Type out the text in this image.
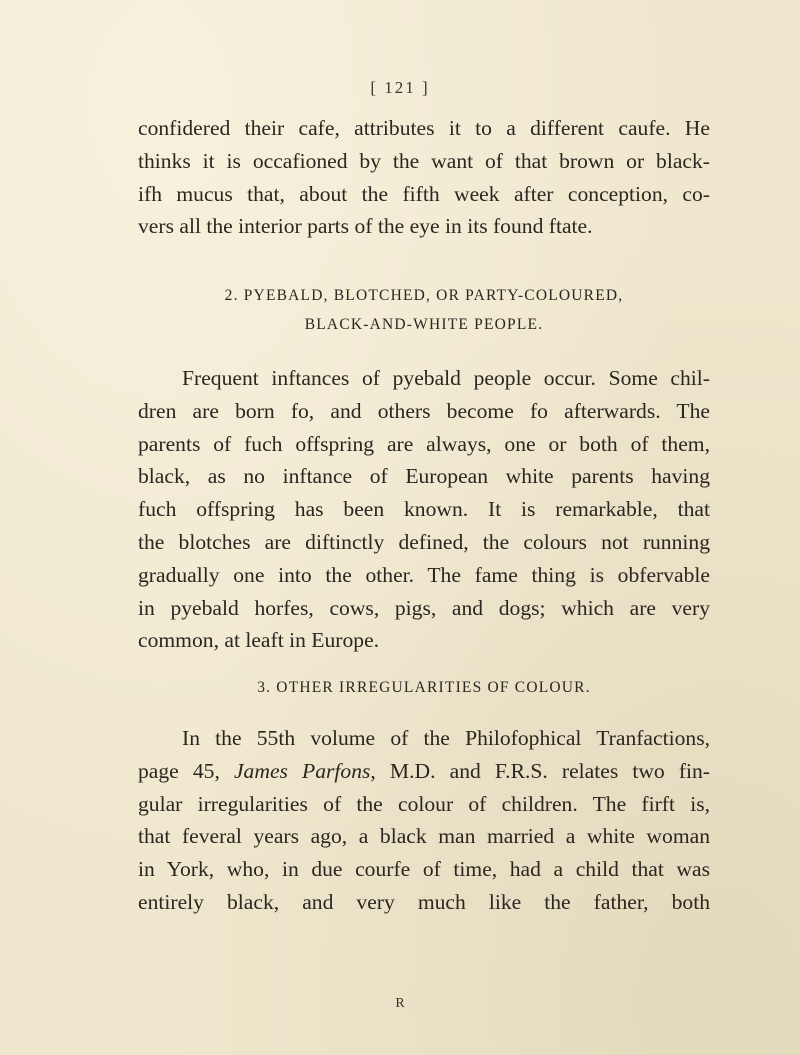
[ 121 ]
confidered their cafe, attributes it to a different caufe. He
thinks it is occafioned by the want of that brown or black-
ifh mucus that, about the fifth week after conception, co-
vers all the interior parts of the eye in its found ftate.
2. PYEBALD, BLOTCHED, OR PARTY-COLOURED,
BLACK-AND-WHITE PEOPLE.
Frequent inftances of pyebald people occur. Some chil-
dren are born fo, and others become fo afterwards. The
parents of fuch offspring are always, one or both of them,
black, as no inftance of European white parents having
fuch offspring has been known. It is remarkable, that
the blotches are diftinctly defined, the colours not running
gradually one into the other. The fame thing is obfervable
in pyebald horfes, cows, pigs, and dogs; which are very
common, at leaft in Europe.
3. OTHER IRREGULARITIES OF COLOUR.
In the 55th volume of the Philofophical Tranfactions,
page 45, James Parfons, M.D. and F.R.S. relates two fin-
gular irregularities of the colour of children. The firft is,
that feveral years ago, a black man married a white woman
in York, who, in due courfe of time, had a child that was
entirely black, and very much like the father, both
R
